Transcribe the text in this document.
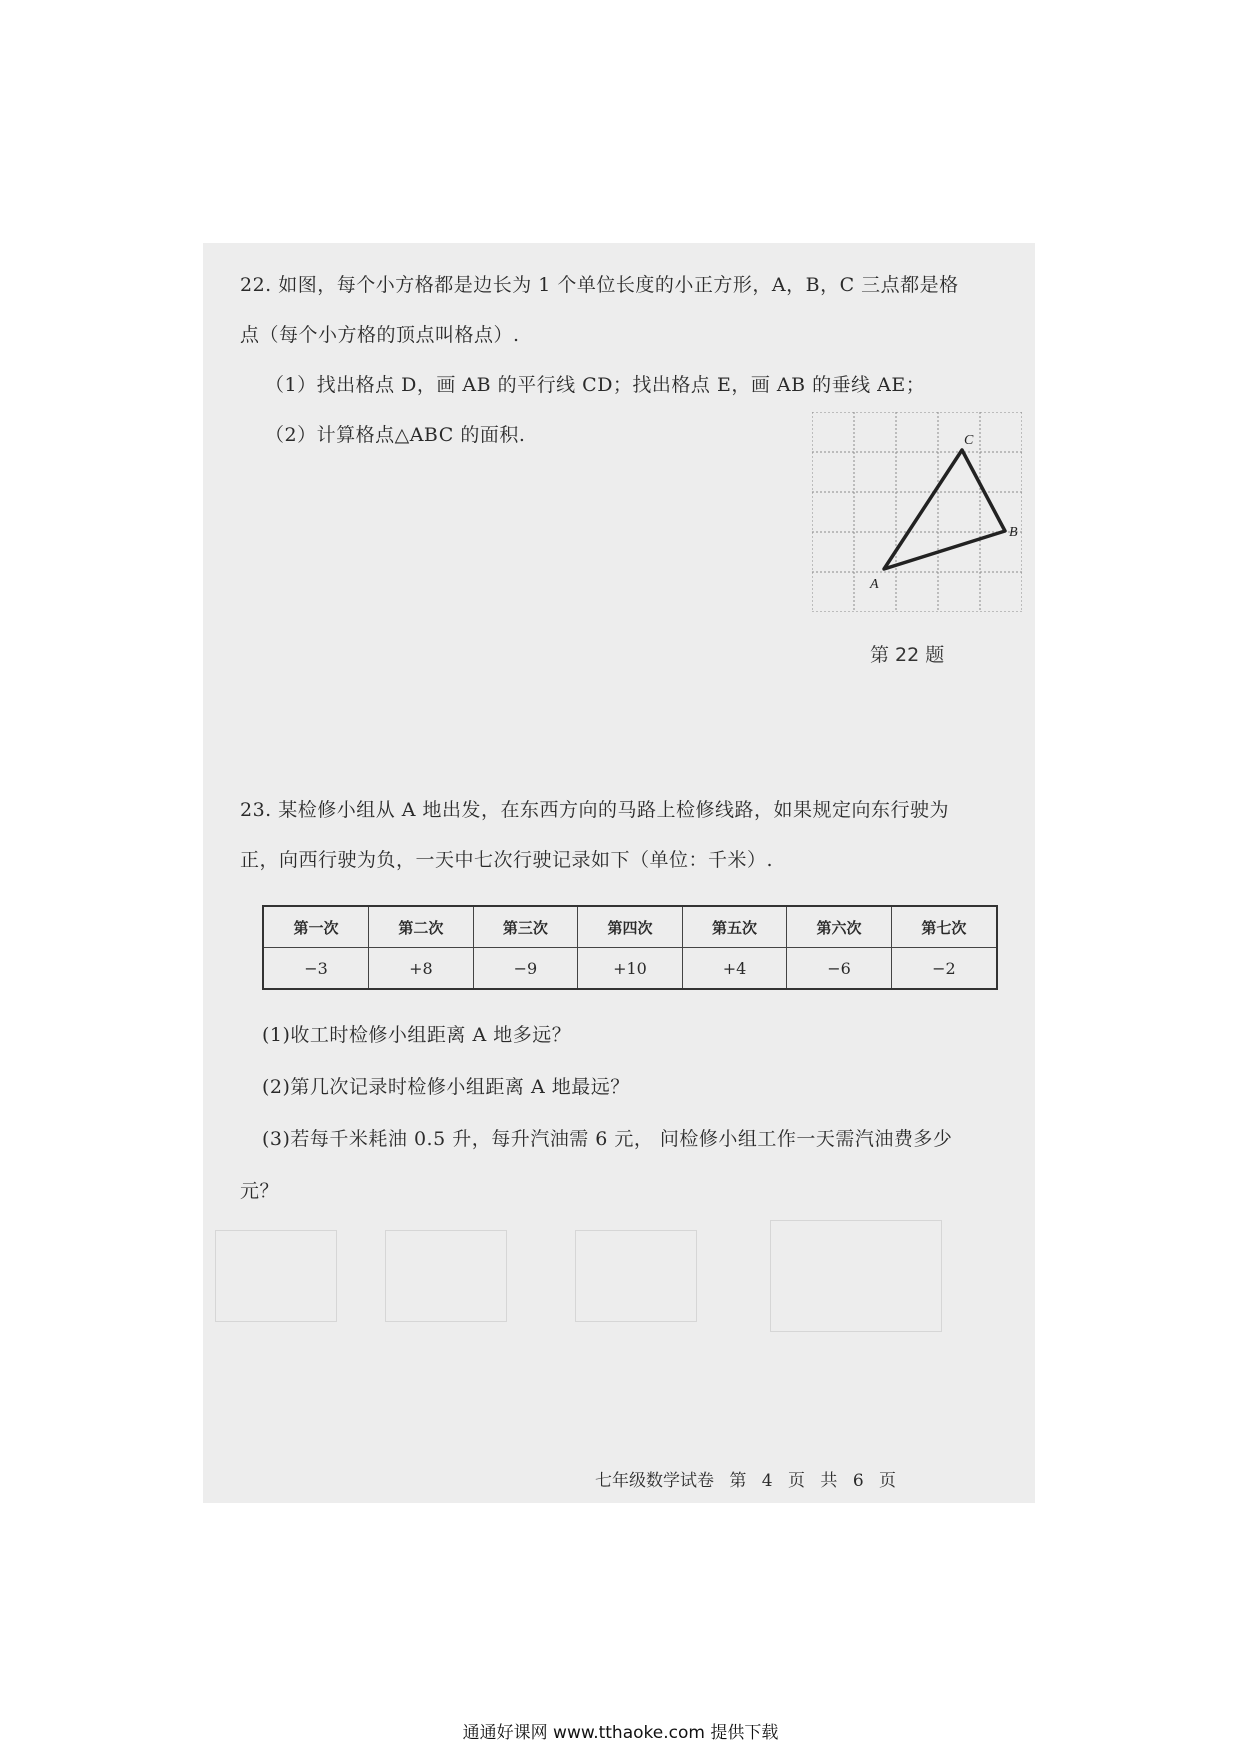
22. 如图，每个小方格都是边长为 1 个单位长度的小正方形，A，B，C 三点都是格
点（每个小方格的顶点叫格点）.
（1）找出格点 D，画 AB 的平行线 CD；找出格点 E，画 AB 的垂线 AE；
（2）计算格点△ABC 的面积.
A
B
C
第 22 题
23. 某检修小组从 A 地出发，在东西方向的马路上检修线路，如果规定向东行驶为
正，向西行驶为负，一天中七次行驶记录如下（单位：千米）.
第一次	第二次	第三次	第四次	第五次	第六次	第七次
−3	+8	−9	+10	+4	−6	−2
(1)收工时检修小组距离 A 地多远？
(2)第几次记录时检修小组距离 A 地最远？
(3)若每千米耗油 0.5 升，每升汽油需 6 元， 问检修小组工作一天需汽油费多少
元？
七年级数学试卷 第 4 页 共 6 页
通通好课网 www.tthaoke.com 提供下载
